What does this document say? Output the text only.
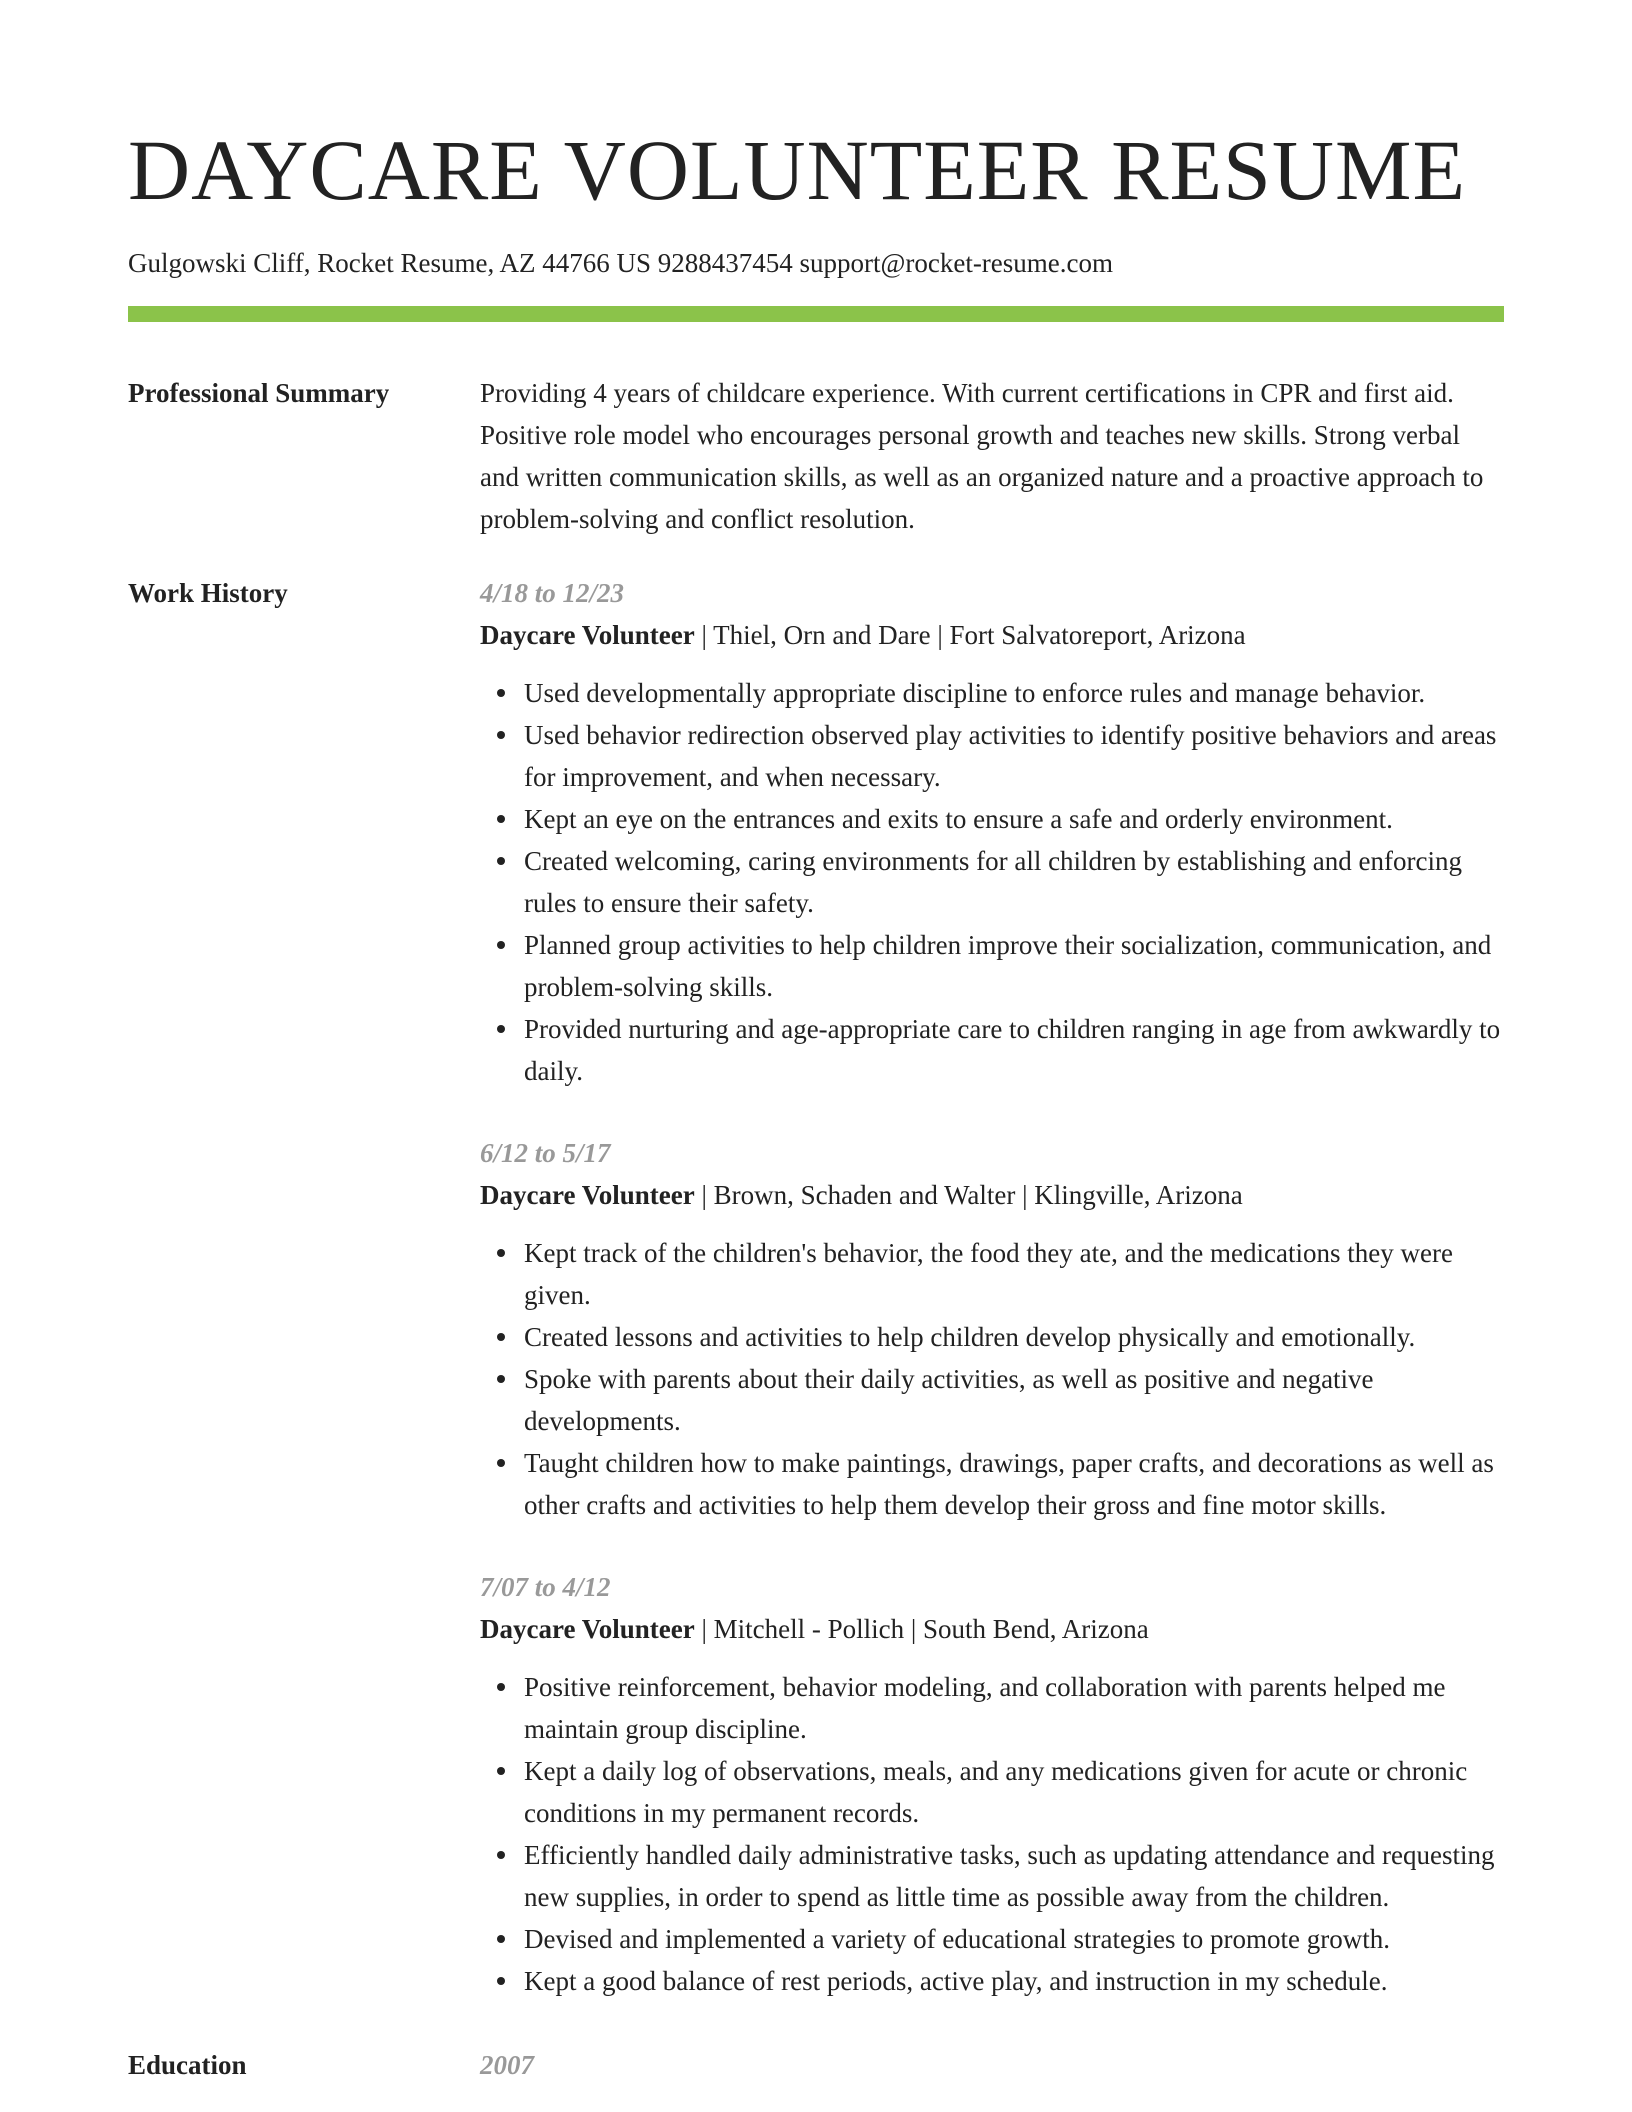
DAYCARE VOLUNTEER RESUME
Gulgowski Cliff, Rocket Resume, AZ 44766 US 9288437454 support@rocket-resume.com
Professional Summary	Providing 4 years of childcare experience. With current certifications in CPR and first aid. Positive role model who encourages personal growth and teaches new skills. Strong verbal and written communication skills, as well as an organized nature and a proactive approach to problem-solving and conflict resolution.

Work History	4/18 to 12/23
Daycare Volunteer | Thiel, Orn and Dare | Fort Salvatoreport, Arizona
Used developmentally appropriate discipline to enforce rules and manage behavior.
Used behavior redirection observed play activities to identify positive behaviors and areas for improvement, and when necessary.
Kept an eye on the entrances and exits to ensure a safe and orderly environment.
Created welcoming, caring environments for all children by establishing and enforcing rules to ensure their safety.
Planned group activities to help children improve their socialization, communication, and problem-solving skills.
Provided nurturing and age-appropriate care to children ranging in age from awkwardly to daily.
6/12 to 5/17
Daycare Volunteer | Brown, Schaden and Walter | Klingville, Arizona
Kept track of the children's behavior, the food they ate, and the medications they were given.
Created lessons and activities to help children develop physically and emotionally.
Spoke with parents about their daily activities, as well as positive and negative developments.
Taught children how to make paintings, drawings, paper crafts, and decorations as well as other crafts and activities to help them develop their gross and fine motor skills.
7/07 to 4/12
Daycare Volunteer | Mitchell - Pollich | South Bend, Arizona
Positive reinforcement, behavior modeling, and collaboration with parents helped me maintain group discipline.
Kept a daily log of observations, meals, and any medications given for acute or chronic conditions in my permanent records.
Efficiently handled daily administrative tasks, such as updating attendance and requesting new supplies, in order to spend as little time as possible away from the children.
Devised and implemented a variety of educational strategies to promote growth.
Kept a good balance of rest periods, active play, and instruction in my schedule.
Education	2007
